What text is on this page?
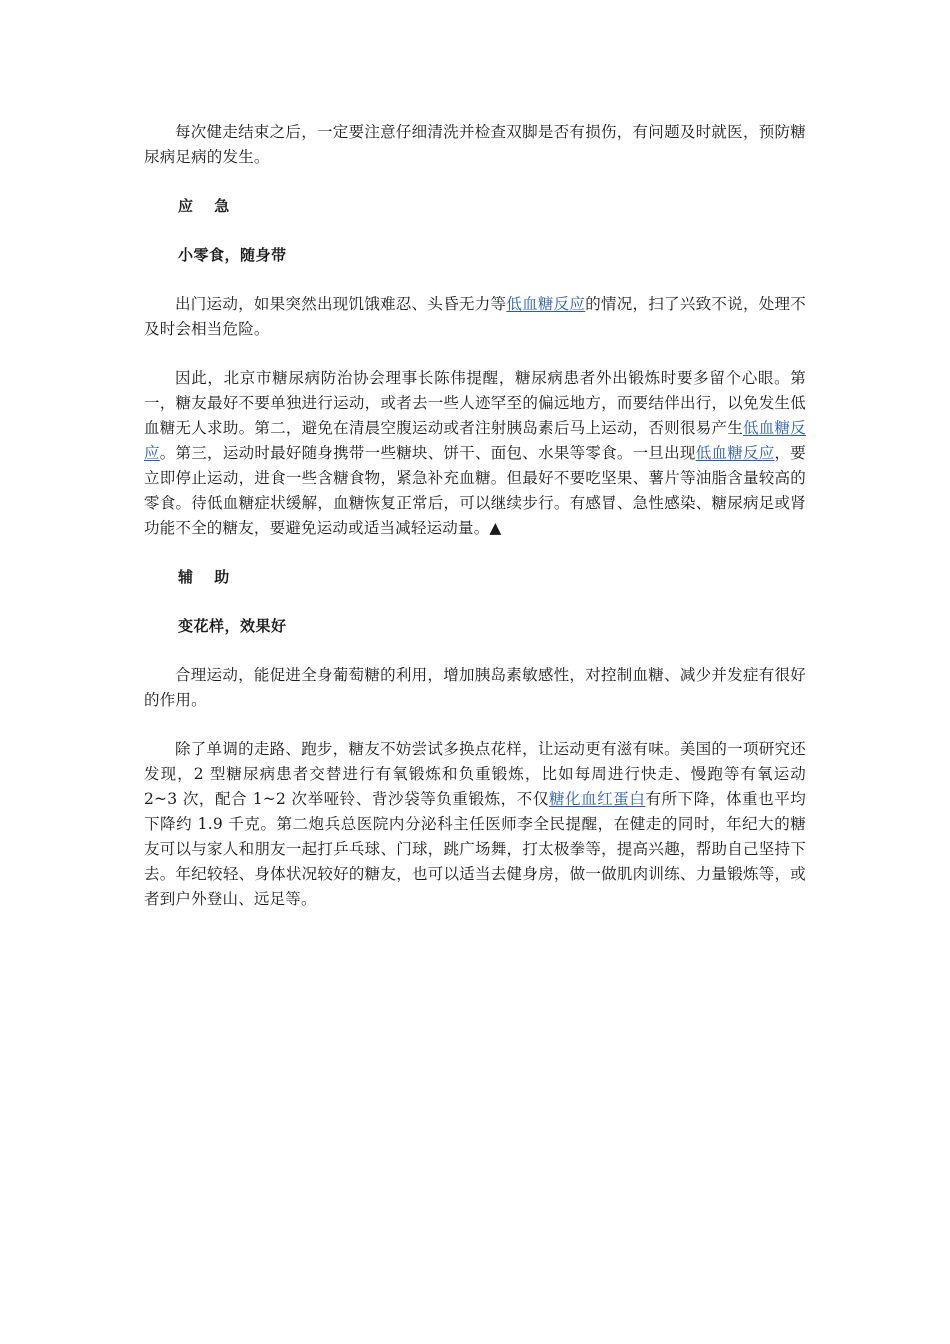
每次健走结束之后，一定要注意仔细清洗并检查双脚是否有损伤，有问题及时就医，预防糖尿病足病的发生。

应 急
小零食，随身带

出门运动，如果突然出现饥饿难忍、头昏无力等低血糖反应的情况，扫了兴致不说，处理不及时会相当危险。

因此，北京市糖尿病防治协会理事长陈伟提醒，糖尿病患者外出锻炼时要多留个心眼。第一，糖友最好不要单独进行运动，或者去一些人迹罕至的偏远地方，而要结伴出行，以免发生低血糖无人求助。第二，避免在清晨空腹运动或者注射胰岛素后马上运动，否则很易产生低血糖反应。第三，运动时最好随身携带一些糖块、饼干、面包、水果等零食。一旦出现低血糖反应，要立即停止运动，进食一些含糖食物，紧急补充血糖。但最好不要吃坚果、薯片等油脂含量较高的零食。待低血糖症状缓解，血糖恢复正常后，可以继续步行。有感冒、急性感染、糖尿病足或肾功能不全的糖友，要避免运动或适当减轻运动量。▲

辅 助
变花样，效果好

合理运动，能促进全身葡萄糖的利用，增加胰岛素敏感性，对控制血糖、减少并发症有很好的作用。

除了单调的走路、跑步，糖友不妨尝试多换点花样，让运动更有滋有味。美国的一项研究还发现，2 型糖尿病患者交替进行有氧锻炼和负重锻炼，比如每周进行快走、慢跑等有氧运动 2~3 次，配合 1~2 次举哑铃、背沙袋等负重锻炼，不仅糖化血红蛋白有所下降，体重也平均下降约 1.9 千克。第二炮兵总医院内分泌科主任医师李全民提醒，在健走的同时，年纪大的糖友可以与家人和朋友一起打乒乓球、门球，跳广场舞，打太极拳等，提高兴趣，帮助自己坚持下去。年纪较轻、身体状况较好的糖友，也可以适当去健身房，做一做肌肉训练、力量锻炼等，或者到户外登山、远足等。
